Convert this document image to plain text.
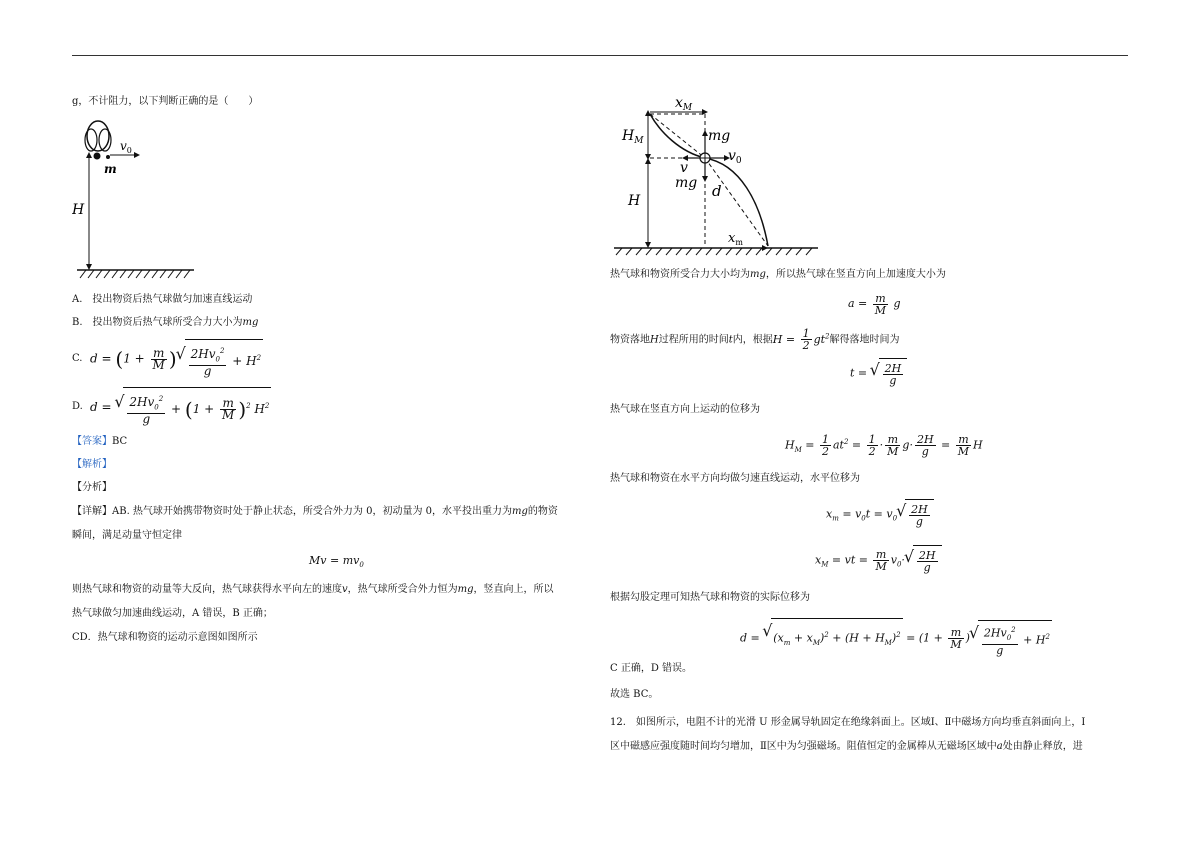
g，不计阻力，以下判断正确的是（　　）
$v_0$
m
H
A.　投出物资后热气球做匀加速直线运动
B.　投出物资后热气球所受合力大小为mg
C. $d = (1 + \frac{m}{M}$ ) √ $\frac{2Hv_0^2}{g} + H^2$
D. d = √ $\frac{2Hv_0^2}{g} + (1 + \frac{m}{M} )^2$ $H^2$
【答案】BC
【解析】
【分析】
【详解】AB. 热气球开始携带物资时处于静止状态，所受合外力为 0，初动量为 0，水平投出重力为mg的物资
瞬间，满足动量守恒定律
$Mv = mv_0$
则热气球和物资的动量等大反向，热气球获得水平向左的速度v，热气球所受合外力恒为mg，竖直向上，所以
热气球做匀加速曲线运动，A 错误，B 正确；
CD．热气球和物资的运动示意图如图所示
$x_M$
$H_M$
H
mg
$v_0$
v
mg d
$x_m$
热气球和物资所受合力大小均为mg，所以热气球在竖直方向上加速度大小为
$a = \frac{m}{M}$ g
物资落地H过程所用的时间t内，根据$H = \frac{1}{2} gt^2$解得落地时间为
t = √ $\frac{2H}{g}$
热气球在竖直方向上运动的位移为
$H_M = \frac{1}{2} at^2 = \frac{1}{2} \cdot \frac{m}{M} g\cdot \frac{2H}{g} = \frac{m}{M}$ H
热气球和物资在水平方向均做匀速直线运动，水平位移为
$x_m = v_0t = v_0$ √ $\frac{2H}{g}$
$x_M$ = vt = $\frac{m}{M} v_0\cdot$ √ $\frac{2H}{g}$
根据勾股定理可知热气球和物资的实际位移为
d = √ $(x_m + x_M)^2 + (H + H_M)^2 = (1 + \frac{m}{M}$ ) √ $\frac{2Hv_0^2}{g} + H^2$
C 正确，D 错误。
故选 BC。
12.　如图所示，电阻不计的光滑 U 形金属导轨固定在绝缘斜面上。区域Ⅰ、Ⅱ中磁场方向均垂直斜面向上，Ⅰ
区中磁感应强度随时间均匀增加，Ⅱ区中为匀强磁场。阻值恒定的金属棒从无磁场区域中a处由静止释放，进
